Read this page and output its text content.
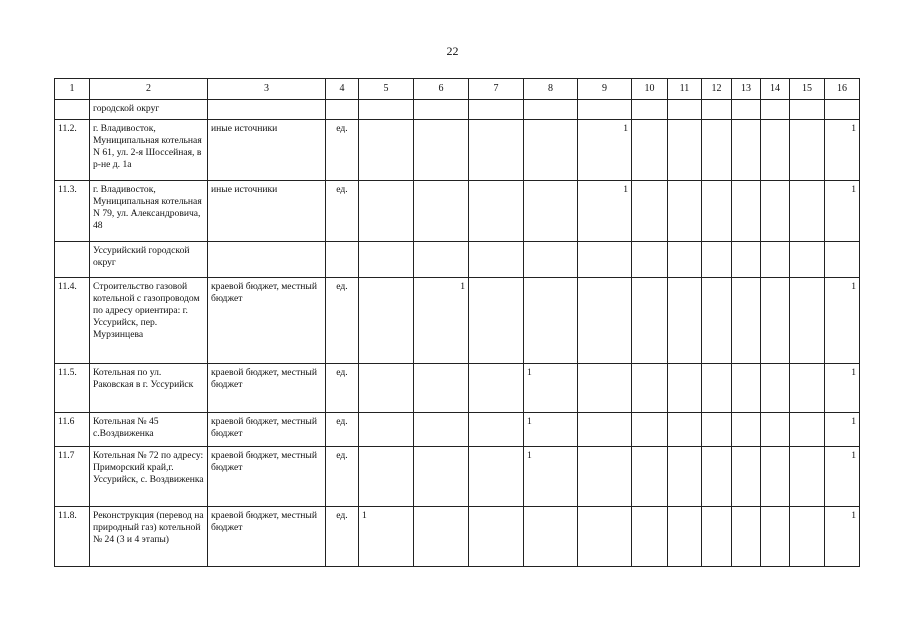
22
1	2	3	4	5	6	7	8	9	10	11	12	13	14	15	16
	городской округ														
11.2.	г. Владивосток, Муниципальная котельная N 61, ул. 2-я Шоссейная, в р-не д. 1а	иные источники	ед.					1							1
11.3.	г. Владивосток, Муниципальная котельная N 79, ул. Александровича, 48	иные источники	ед.					1							1
	Уссурийский городской округ														
11.4.	Строительство газовой котельной с газопроводом по адресу ориентира: г. Уссурийск, пер. Мурзинцева	краевой бюджет, местный бюджет	ед.		1										1
11.5.	Котельная по ул. Раковская в г. Уссурийск	краевой бюджет, местный бюджет	ед.				1								1
11.6	Котельная № 45 с.Воздвиженка	краевой бюджет, местный бюджет	ед.				1								1
11.7	Котельная № 72 по адресу: Приморский край,г. Уссурийск, с. Воздвиженка	краевой бюджет, местный бюджет	ед.				1								1
11.8.	Реконструкция (перевод на природный газ) котельной № 24 (3 и 4 этапы)	краевой бюджет, местный бюджет	ед.	1											1
